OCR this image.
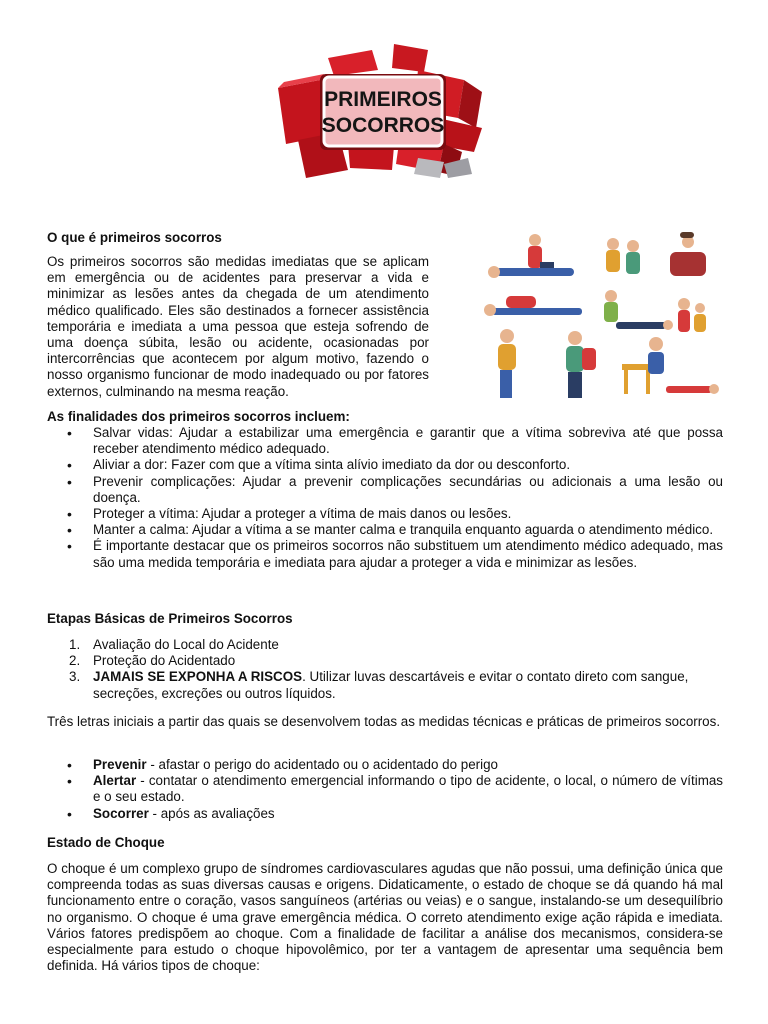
PRIMEIROS
SOCORROS
O que é primeiros socorros

Os primeiros socorros são medidas imediatas que se aplicam em emergência ou de acidentes para preservar a vida e minimizar as lesões antes da chegada de um atendimento médico qualificado. Eles são destinados a fornecer assistência temporária e imediata a uma pessoa que esteja sofrendo de uma doença súbita, lesão ou acidente, ocasionadas por intercorrências que acontecem por algum motivo, fazendo o nosso organismo funcionar de modo inadequado ou por fatores externos, culminando na mesma reação.

As finalidades dos primeiros socorros incluem:
• Salvar vidas: Ajudar a estabilizar uma emergência e garantir que a vítima sobreviva até que possa receber atendimento médico adequado.
• Aliviar a dor: Fazer com que a vítima sinta alívio imediato da dor ou desconforto.
• Prevenir complicações: Ajudar a prevenir complicações secundárias ou adicionais a uma lesão ou doença.
• Proteger a vítima: Ajudar a proteger a vítima de mais danos ou lesões.
• Manter a calma: Ajudar a vítima a se manter calma e tranquila enquanto aguarda o atendimento médico.
• É importante destacar que os primeiros socorros não substituem um atendimento médico adequado, mas são uma medida temporária e imediata para ajudar a proteger a vida e minimizar as lesões.
Etapas Básicas de Primeiros Socorros
1. Avaliação do Local do Acidente
2. Proteção do Acidentado
3. JAMAIS SE EXPONHA A RISCOS. Utilizar luvas descartáveis e evitar o contato direto com sangue, secreções, excreções ou outros líquidos.

Três letras iniciais a partir das quais se desenvolvem todas as medidas técnicas e práticas de primeiros socorros.

• Prevenir - afastar o perigo do acidentado ou o acidentado do perigo
• Alertar - contatar o atendimento emergencial informando o tipo de acidente, o local, o número de vítimas e o seu estado.
• Socorrer - após as avaliações
Estado de Choque

O choque é um complexo grupo de síndromes cardiovasculares agudas que não possui, uma definição única que compreenda todas as suas diversas causas e origens. Didaticamente, o estado de choque se dá quando há mal funcionamento entre o coração, vasos sanguíneos (artérias ou veias) e o sangue, instalando-se um desequilíbrio no organismo. O choque é uma grave emergência médica. O correto atendimento exige ação rápida e imediata. Vários fatores predispõem ao choque. Com a finalidade de facilitar a análise dos mecanismos, considera-se especialmente para estudo o choque hipovolêmico, por ter a vantagem de apresentar uma sequência bem definida. Há vários tipos de choque:
